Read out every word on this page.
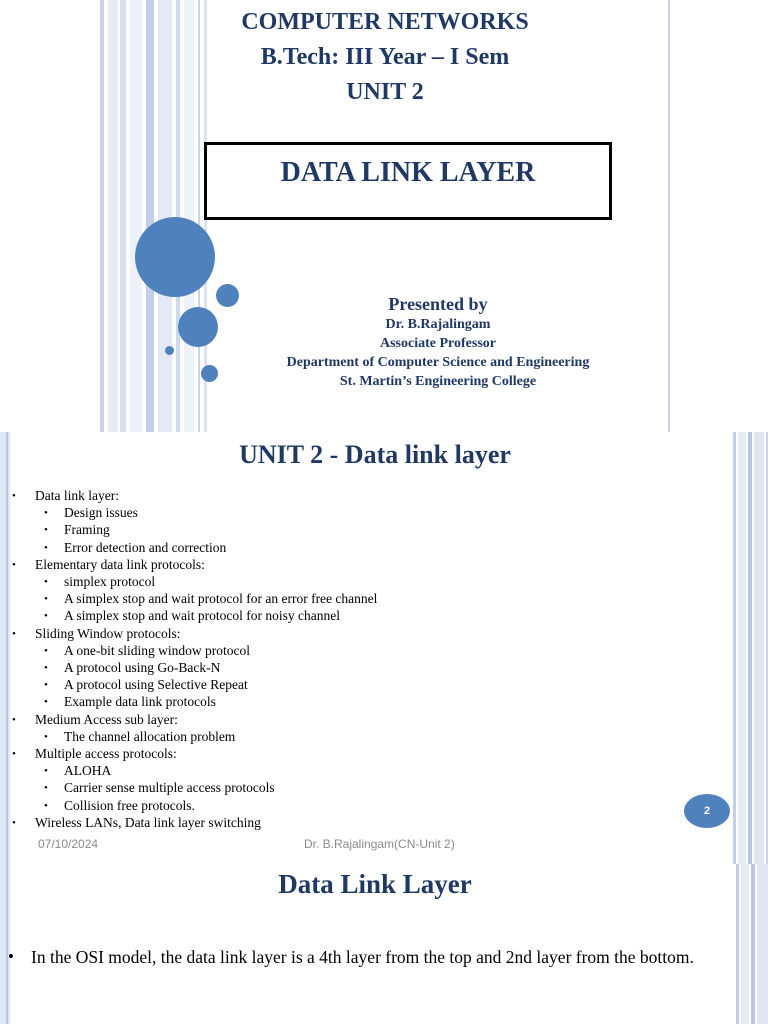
COMPUTER NETWORKS
B.Tech: III Year – I Sem
UNIT 2
DATA LINK LAYER
Presented by
Dr. B.Rajalingam
Associate Professor
Department of Computer Science and Engineering
St. Martin’s Engineering College
UNIT 2 - Data link layer
• Data link layer:
• Design issues
• Framing
• Error detection and correction
• Elementary data link protocols:
• simplex protocol
• A simplex stop and wait protocol for an error free channel
• A simplex stop and wait protocol for noisy channel
• Sliding Window protocols:
• A one-bit sliding window protocol
• A protocol using Go-Back-N
• A protocol using Selective Repeat
• Example data link protocols
• Medium Access sub layer:
• The channel allocation problem
• Multiple access protocols:
• ALOHA
• Carrier sense multiple access protocols
• Collision free protocols.
• Wireless LANs, Data link layer switching
2
07/10/2024	Dr. B.Rajalingam(CN-Unit 2)
Data Link Layer
• In the OSI model, the data link layer is a 4th layer from the top and 2nd layer from the bottom.
